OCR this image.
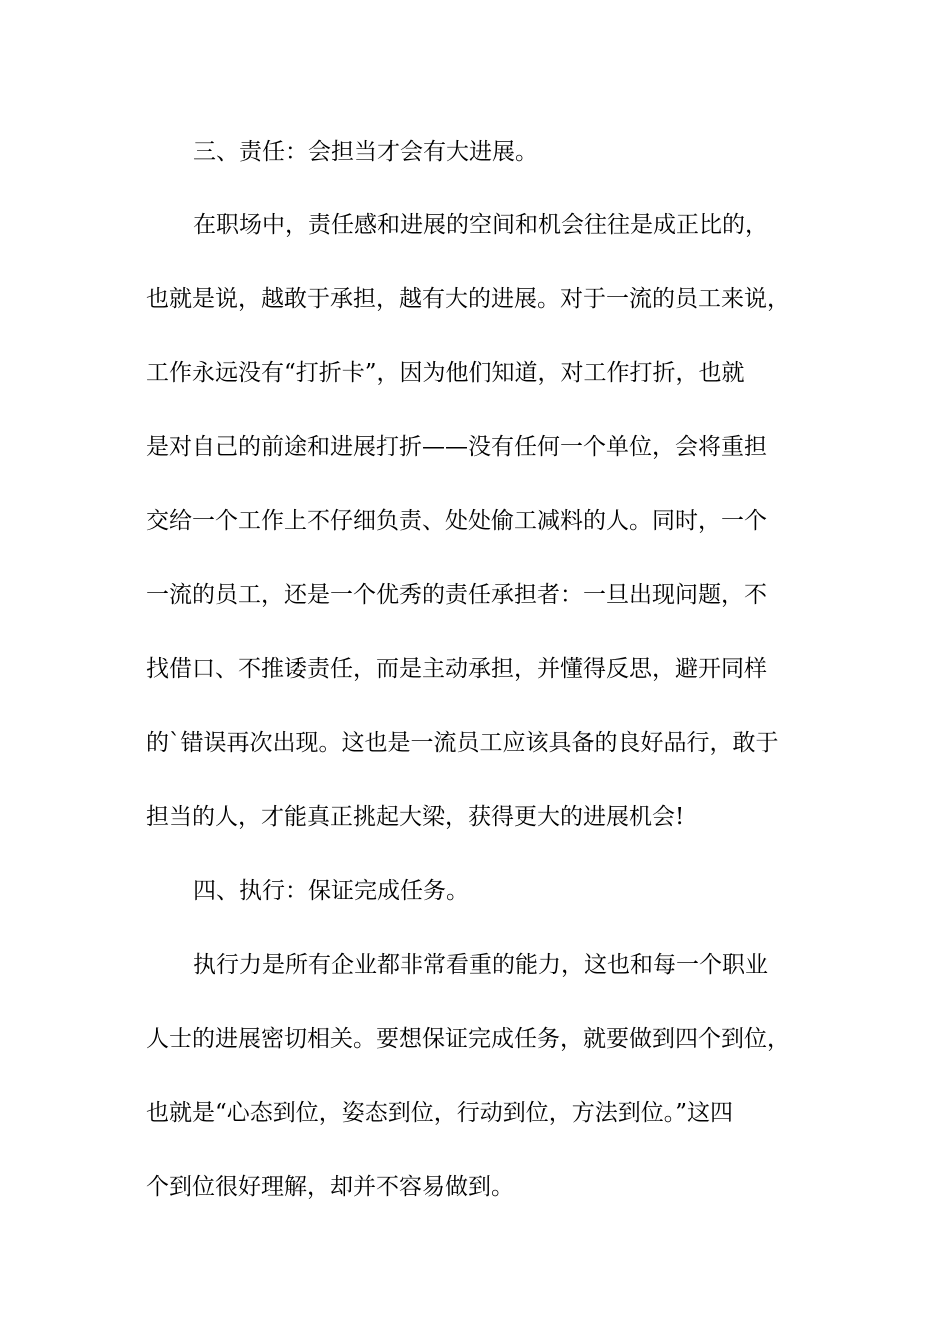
三、责任：会担当才会有大进展。

在职场中，责任感和进展的空间和机会往往是成正比的，

也就是说，越敢于承担，越有大的进展。对于一流的员工来说，

工作永远没有“打折卡”，因为他们知道，对工作打折，也就

是对自己的前途和进展打折——没有任何一个单位，会将重担

交给一个工作上不仔细负责、处处偷工减料的人。同时，一个

一流的员工，还是一个优秀的责任承担者：一旦出现问题，不

找借口、不推诿责任，而是主动承担，并懂得反思，避开同样

的`错误再次出现。这也是一流员工应该具备的良好品行，敢于

担当的人，才能真正挑起大梁，获得更大的进展机会!

四、执行：保证完成任务。

执行力是所有企业都非常看重的能力，这也和每一个职业

人士的进展密切相关。要想保证完成任务，就要做到四个到位，

也就是“心态到位，姿态到位，行动到位，方法到位。”这四

个到位很好理解，却并不容易做到。
